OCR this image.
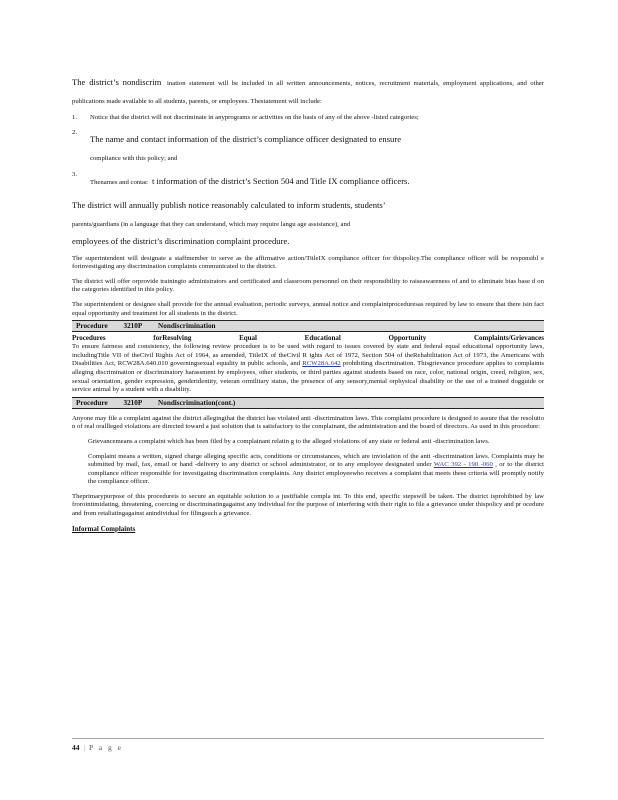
The district’s nondiscrim ination statement will be included in all written announcements, notices, recruitment materials, employment applications, and other publications made available to all students, parents, or employees. Thestatement will include:

1.	Notice that the district will not discriminate in anyprograms or activities on the basis of any of the above -listed categories;

2.

The name and contact information of the district’s compliance officer designated to ensure
compliance with this policy; and

3.

Thenames and contac t information of the district’s Section 504 and Title IX compliance officers.

The district will annually publish notice reasonably calculated to inform students, students’
parents/guardians (in a language that they can understand, which may require langu age assistance), and
employees of the district’s discrimination complaint procedure.

The superintendent will designate a staffmember to serve as the affirmative action/TitleIX compliance officer for thispolicy.The compliance officer will be responsibl e forinvestigating any discrimination complaints communicated to the district.

The district will offer orprovide trainingto administrators and certificated and classroom personnel on their responsibility to raiseawareness of and to eliminate bias base d on the categories identified in this policy.

The superintendent or designee shall provide for the annual evaluation, periodic surveys, annual notice and complaintproceduresas required by law to ensure that there isin fact equal opportunity and treatment for all students in the district.

Procedure 3210P Nondiscrimination
Procedures	forResolving	Equal	Educational	Opportunity	Complaints/Grievances

To ensure fairness and consistency, the following review procedure is to be used with regard to issues covered by state and federal equal educational opportunity laws, includingTitle VII of theCivil Rights Act of 1964, as amended, TitleIX of theCivil R ights Act of 1972, Section 504 of theRehabilitation Act of 1973, the Americans with Disabilities Act, RCW28A.640.010 governingsexual equality in public schools, and RCW28A.642 prohibiting discrimination. Thisgrievance procedure applies to complaints alleging discrimination or discriminatory harassment by employees, other students, or third parties against students based on race, color, national origin, creed, religion, sex, sexual orientation, gender expression, genderidentity, veteran ormilitary status, the presence of any sensory,mental orphysical disability or the use of a trained dogguide or service animal by a student with a disability.

Procedure 3210P Nondiscrimination(cont.)

Anyone may file a complaint against the district allegingthat the district has violated anti -discrimination laws. This complaint procedure is designed to assure that the resolutio n of real orallleged violations are directed toward a just solution that is satisfactory to the complainant, the administration and the board of directors. As used in this procedure:

Grievancemeans a complaint which has been filed by a complainant relatin g to the alleged violations of any state or federal anti -discrimination laws.

Complaint means a written, signed charge alleging specific acts, conditions or circumstances, which are inviolation of the anti -discrimination laws. Complaints may be submitted by mail, fax, email or hand -delivery to any district or school administrator, or to any employee designated under WAC 392 - 190 -060 , or to the district compliance officer responsible for investigating discrimination complaints. Any district employeewho receives a complaint that meets these criteria will promptly notify the compliance officer.

Theprimarypurpose of this procedureis to secure an equitable solution to a justifiable compla int. To this end, specific stepswill be taken. The district isprohibited by law frorointimidating, threatening, coercing or discriminatingagainst any individual for the purpose of interfering with their right to file a grievance under thispolicy and pr ocedure and from retaliatingagainst anindividual for filingsuch a grievance.

Informal Complaints
44 | P a g e
